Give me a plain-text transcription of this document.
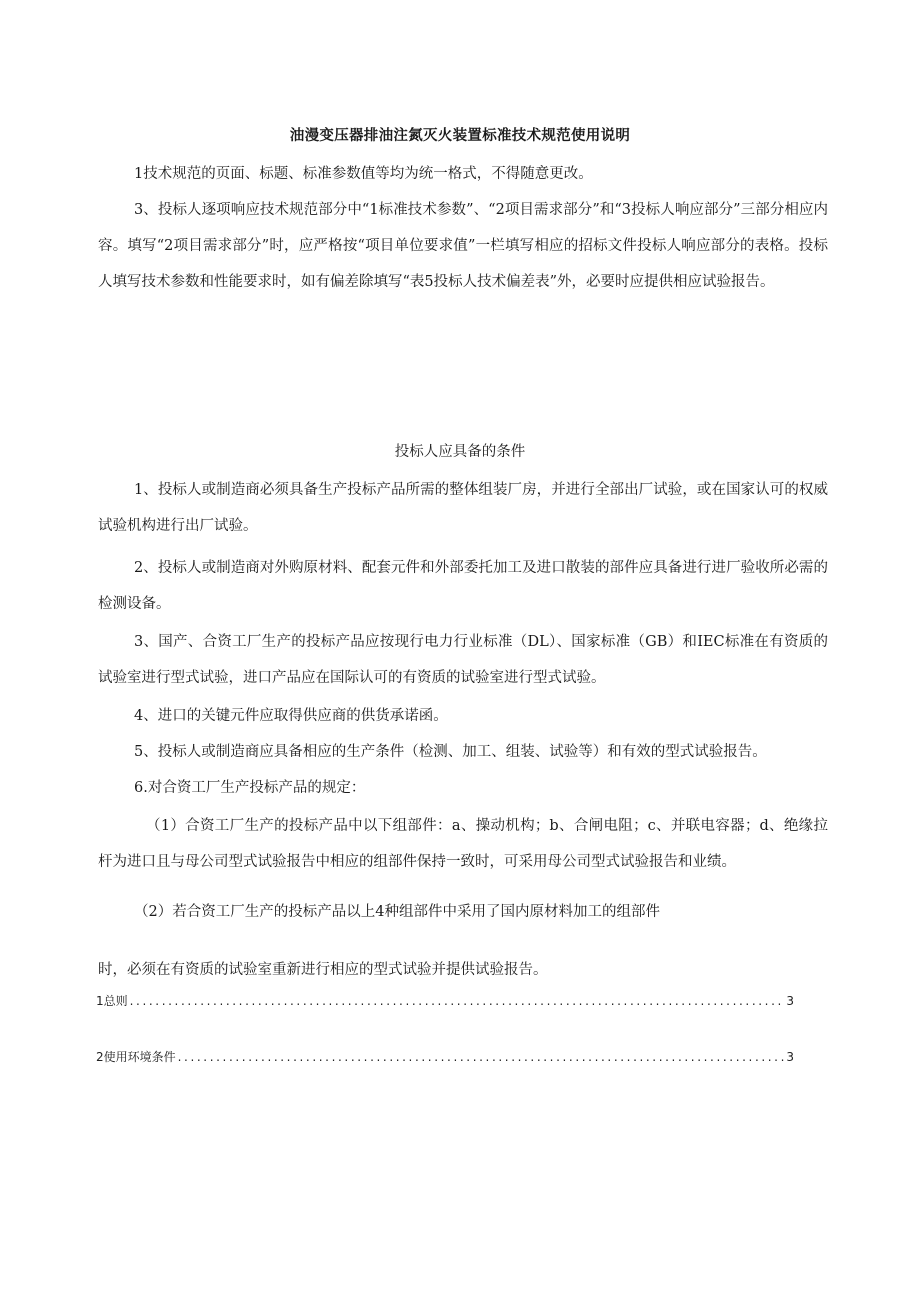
油漫变压器排油注氮灭火装置标准技术规范使用说明
1技术规范的页面、标题、标准参数值等均为统一格式，不得随意更改。
3、投标人逐项响应技术规范部分中“1标准技术参数”、“2项目需求部分”和“3投标人响应部分”三部分相应内容。填写“2项目需求部分”时，应严格按“项目单位要求值”一栏填写相应的招标文件投标人响应部分的表格。投标人填写技术参数和性能要求时，如有偏差除填写“表5投标人技术偏差表”外，必要时应提供相应试验报告。
投标人应具备的条件
1、投标人或制造商必须具备生产投标产品所需的整体组装厂房，并进行全部出厂试验，或在国家认可的权威试验机构进行出厂试验。
2、投标人或制造商对外购原材料、配套元件和外部委托加工及进口散装的部件应具备进行进厂验收所必需的检测设备。
3、国产、合资工厂生产的投标产品应按现行电力行业标准（DL）、国家标准（GB）和IEC标准在有资质的试验室进行型式试验，进口产品应在国际认可的有资质的试验室进行型式试验。
4、进口的关键元件应取得供应商的供货承诺函。
5、投标人或制造商应具备相应的生产条件（检测、加工、组装、试验等）和有效的型式试验报告。
6.对合资工厂生产投标产品的规定：
（1）合资工厂生产的投标产品中以下组部件：a、操动机构；b、合闸电阻；c、并联电容器；d、绝缘拉杆为进口且与母公司型式试验报告中相应的组部件保持一致时，可采用母公司型式试验报告和业绩。
（2）若合资工厂生产的投标产品以上4种组部件中采用了国内原材料加工的组部件
时，必须在有资质的试验室重新进行相应的型式试验并提供试验报告。
1总则 .....	3
2使用环境条件 .....	3
